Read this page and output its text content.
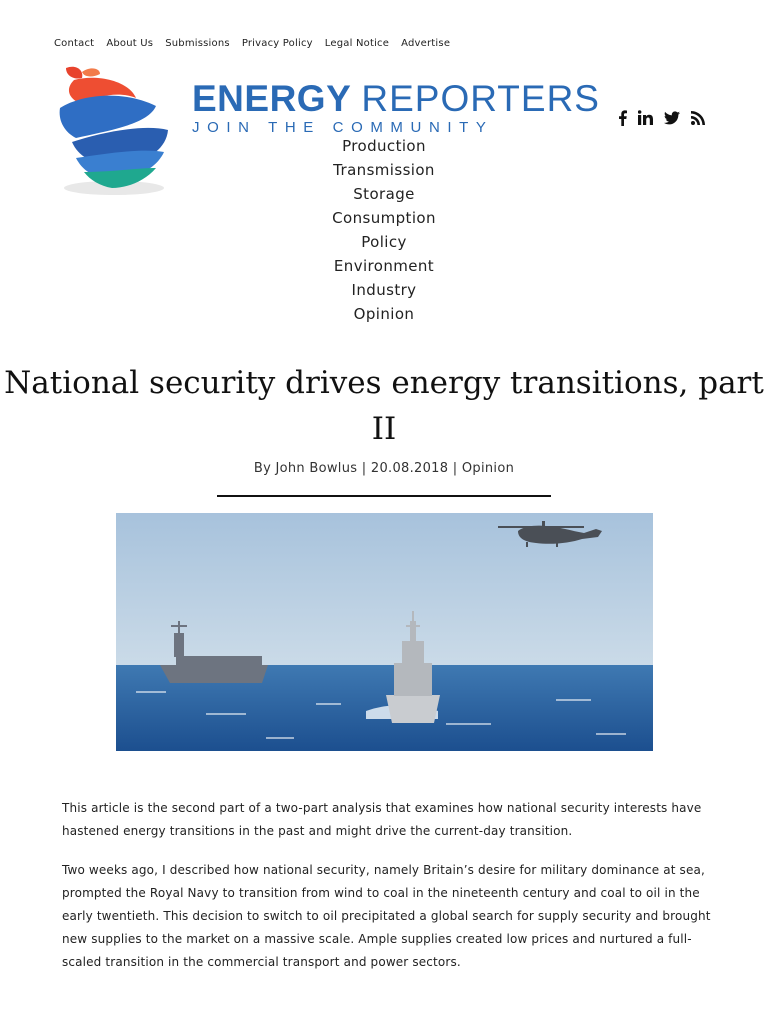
Contact About Us Submissions Privacy Policy Legal Notice Advertise
ENERGY REPORTERS
JOIN THE COMMUNITY
Production
Transmission
Storage
Consumption
Policy
Environment
Industry
Opinion
National security drives energy transitions, part II
By John Bowlus | 20.08.2018 | Opinion

This article is the second part of a two-part analysis that examines how national security interests have hastened energy transitions in the past and might drive the current-day transition.

Two weeks ago, I described how national security, namely Britain’s desire for military dominance at sea, prompted the Royal Navy to transition from wind to coal in the nineteenth century and coal to oil in the early twentieth. This decision to switch to oil precipitated a global search for supply security and brought new supplies to the market on a massive scale. Ample supplies created low prices and nurtured a full-scaled transition in the commercial transport and power sectors.
